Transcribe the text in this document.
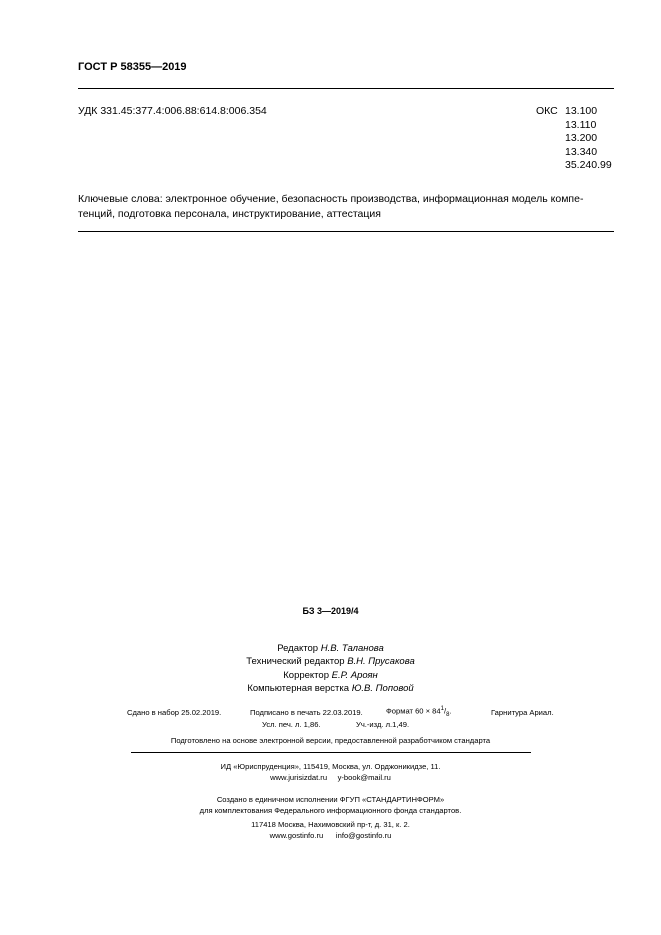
ГОСТ Р 58355—2019
УДК 331.45:377.4:006.88:614.8:006.354	ОКС 13.100
13.110
13.200
13.340
35.240.99
Ключевые слова: электронное обучение, безопасность производства, информационная модель компе-
тенций, подготовка персонала, инструктирование, аттестация
БЗ 3—2019/4
Редактор Н.В. Таланова
Технический редактор В.Н. Прусакова
Корректор Е.Р. Ароян
Компьютерная верстка Ю.В. Поповой
Сдано в набор 25.02.2019.	Подписано в печать 22.03.2019.	Формат $60 \times 84^1/_8$.	Гарнитура Ариал.
Усл. печ. л. 1,86.	Уч.-изд. л.1,49.
Подготовлено на основе электронной версии, предоставленной разработчиком стандарта
ИД «Юриспруденция», 115419, Москва, ул. Орджоникидзе, 11.
www.jurisizdat.ru y-book@mail.ru
Создано в единичном исполнении ФГУП «СТАНДАРТИНФОРМ»
для комплектования Федерального информационного фонда стандартов.
117418 Москва, Нахимовский пр-т, д. 31, к. 2.
www.gostinfo.ru info@gostinfo.ru
